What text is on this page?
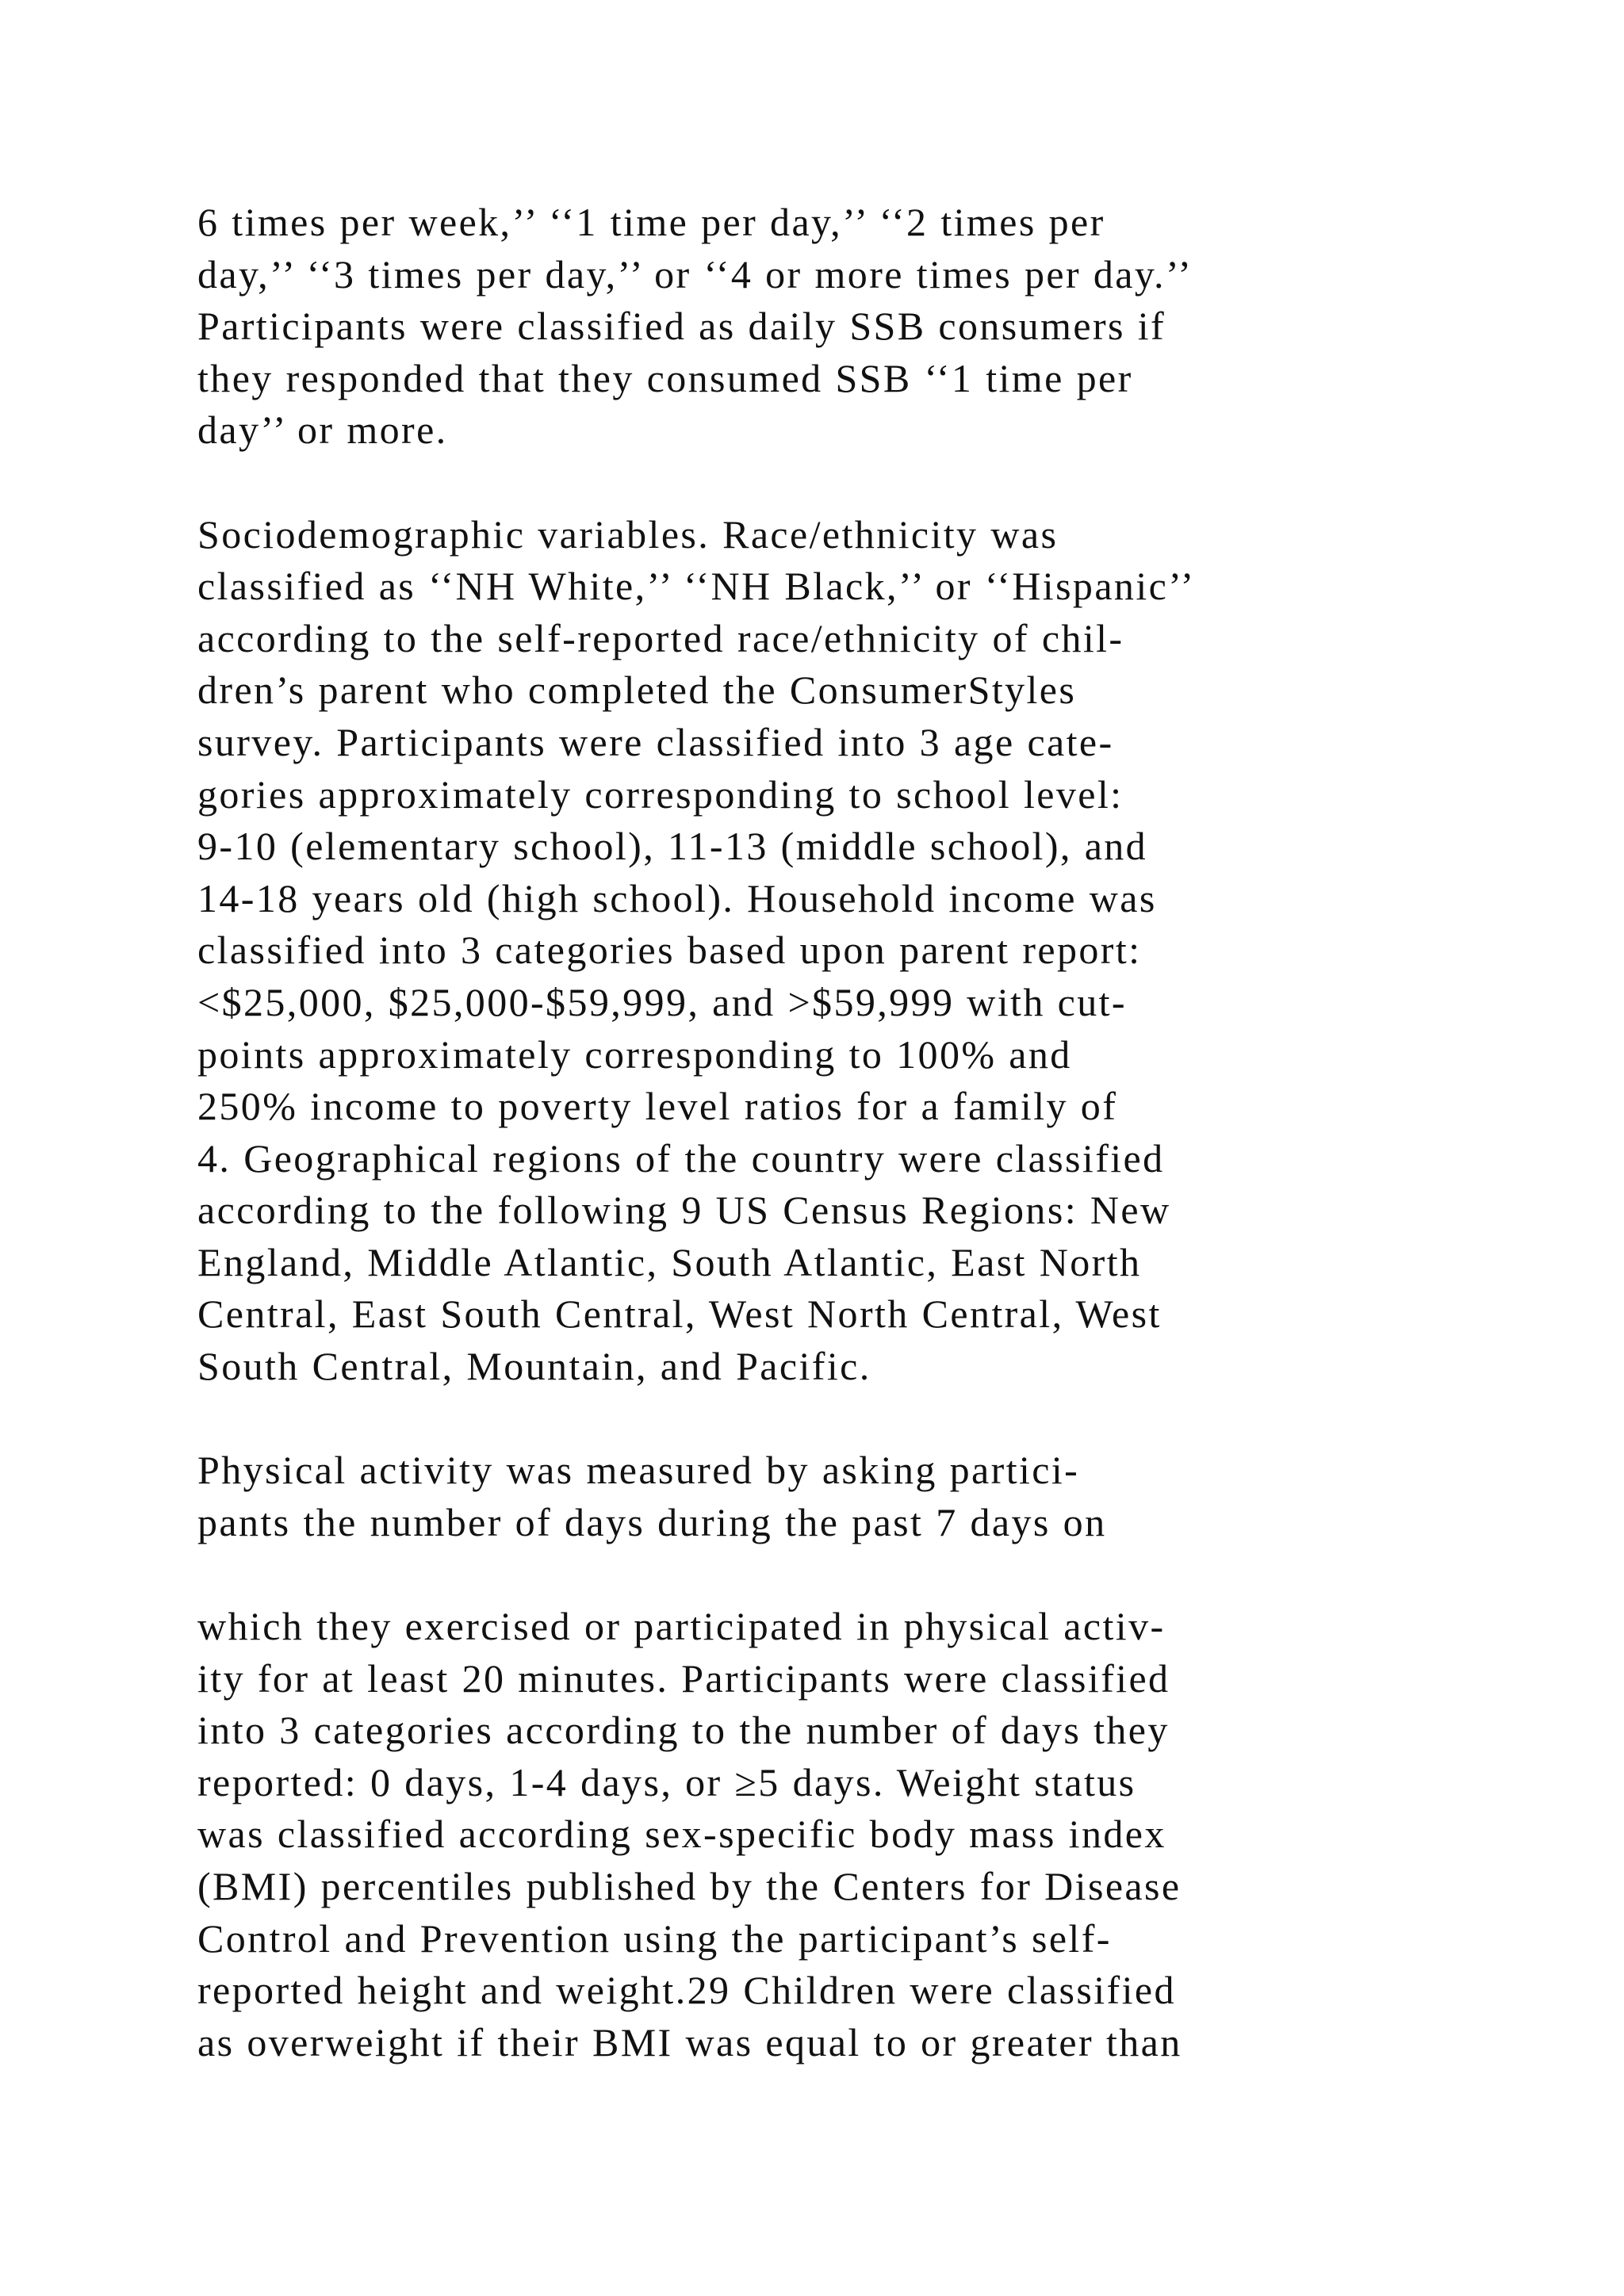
6 times per week,’’ ‘‘1 time per day,’’ ‘‘2 times per
day,’’ ‘‘3 times per day,’’ or ‘‘4 or more times per day.’’
Participants were classified as daily SSB consumers if
they responded that they consumed SSB ‘‘1 time per
day’’ or more.

Sociodemographic variables. Race/ethnicity was
classified as ‘‘NH White,’’ ‘‘NH Black,’’ or ‘‘Hispanic’’
according to the self-reported race/ethnicity of chil-
dren’s parent who completed the ConsumerStyles
survey. Participants were classified into 3 age cate-
gories approximately corresponding to school level:
9-10 (elementary school), 11-13 (middle school), and
14-18 years old (high school). Household income was
classified into 3 categories based upon parent report:
<$25,000, $25,000-$59,999, and >$59,999 with cut-
points approximately corresponding to 100% and
250% income to poverty level ratios for a family of
4. Geographical regions of the country were classified
according to the following 9 US Census Regions: New
England, Middle Atlantic, South Atlantic, East North
Central, East South Central, West North Central, West
South Central, Mountain, and Pacific.

Physical activity was measured by asking partici-
pants the number of days during the past 7 days on

which they exercised or participated in physical activ-
ity for at least 20 minutes. Participants were classified
into 3 categories according to the number of days they
reported: 0 days, 1-4 days, or ≥5 days. Weight status
was classified according sex-specific body mass index
(BMI) percentiles published by the Centers for Disease
Control and Prevention using the participant’s self-
reported height and weight.29 Children were classified
as overweight if their BMI was equal to or greater than
